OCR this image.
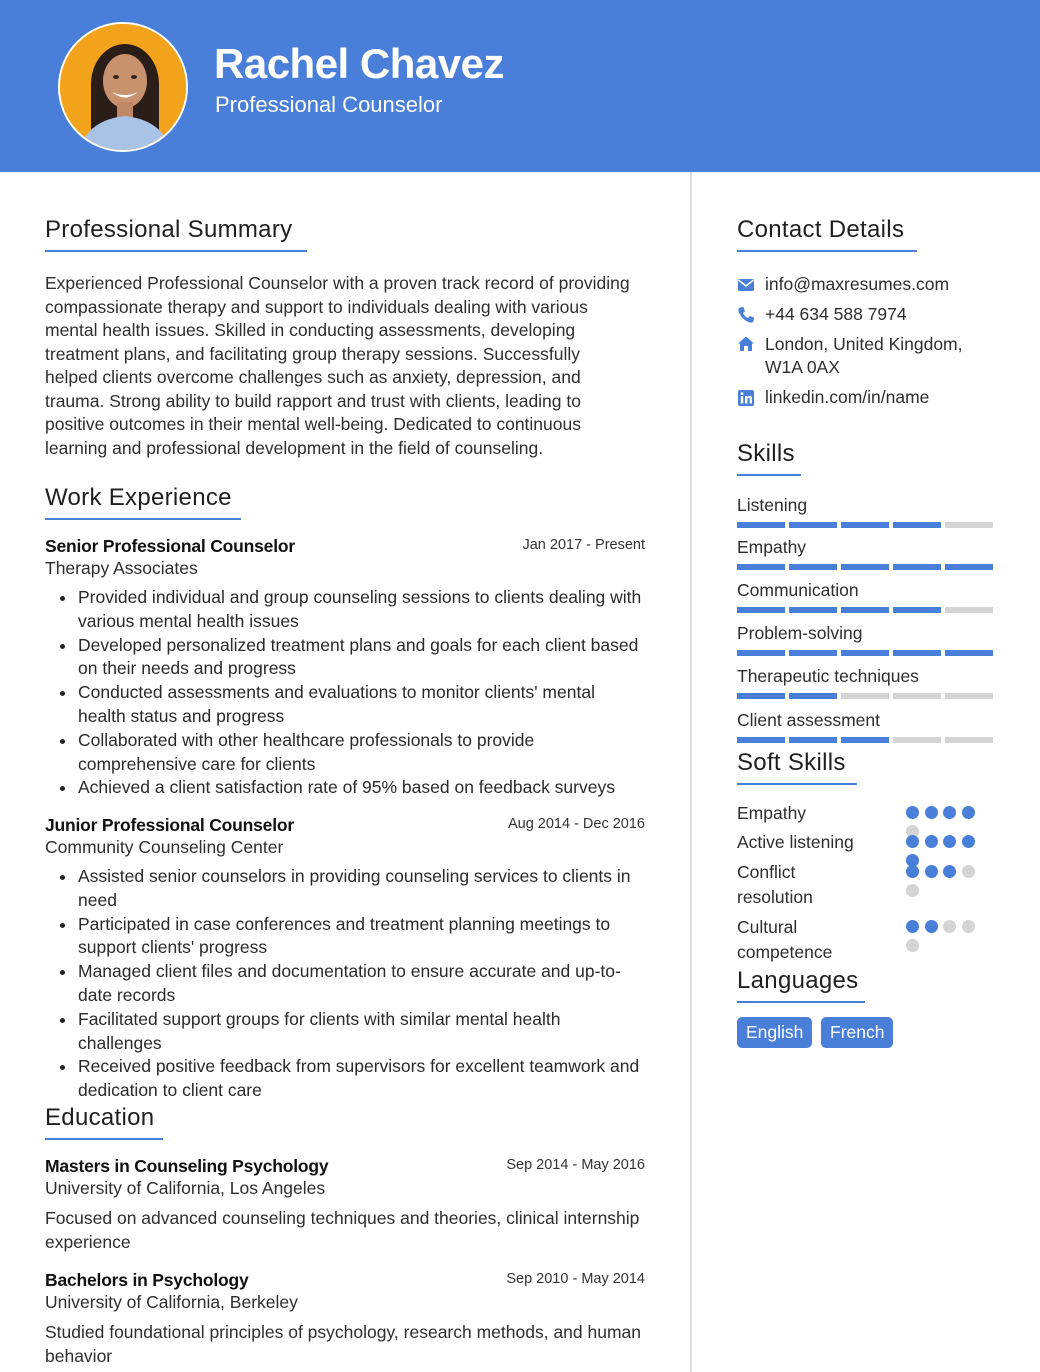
Rachel Chavez
Professional Counselor
Professional Summary
Experienced Professional Counselor with a proven track record of providing compassionate therapy and support to individuals dealing with various mental health issues. Skilled in conducting assessments, developing treatment plans, and facilitating group therapy sessions. Successfully helped clients overcome challenges such as anxiety, depression, and trauma. Strong ability to build rapport and trust with clients, leading to positive outcomes in their mental well-being. Dedicated to continuous learning and professional development in the field of counseling.
Work Experience
Senior Professional Counselor	Jan 2017 - Present
Therapy Associates
Provided individual and group counseling sessions to clients dealing with various mental health issues
Developed personalized treatment plans and goals for each client based on their needs and progress
Conducted assessments and evaluations to monitor clients' mental health status and progress
Collaborated with other healthcare professionals to provide comprehensive care for clients
Achieved a client satisfaction rate of 95% based on feedback surveys
Junior Professional Counselor	Aug 2014 - Dec 2016
Community Counseling Center
Assisted senior counselors in providing counseling services to clients in need
Participated in case conferences and treatment planning meetings to support clients' progress
Managed client files and documentation to ensure accurate and up-to-date records
Facilitated support groups for clients with similar mental health challenges
Received positive feedback from supervisors for excellent teamwork and dedication to client care
Education
Masters in Counseling Psychology	Sep 2014 - May 2016
University of California, Los Angeles
Focused on advanced counseling techniques and theories, clinical internship experience
Bachelors in Psychology	Sep 2010 - May 2014
University of California, Berkeley
Studied foundational principles of psychology, research methods, and human behavior
Contact Details
info@maxresumes.com
+44 634 588 7974
London, United Kingdom,
W1A 0AX
linkedin.com/in/name
Skills
Listening
Empathy
Communication
Problem-solving
Therapeutic techniques
Client assessment
Soft Skills
Empathy
Active listening
Conflict resolution
Cultural competence
Languages
English	French
